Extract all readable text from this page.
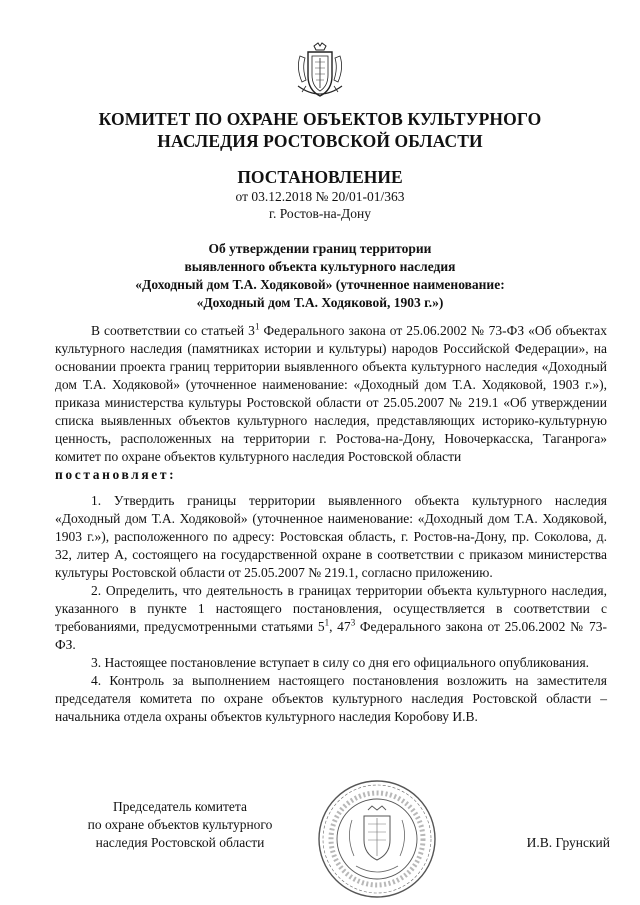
КОМИТЕТ ПО ОХРАНЕ ОБЪЕКТОВ КУЛЬТУРНОГО
НАСЛЕДИЯ РОСТОВСКОЙ ОБЛАСТИ
ПОСТАНОВЛЕНИЕ
от 03.12.2018 № 20/01-01/363
г. Ростов-на-Дону
Об утверждении границ территории
выявленного объекта культурного наследия
«Доходный дом Т.А. Ходяковой» (уточненное наименование:
«Доходный дом Т.А. Ходяковой, 1903 г.»)

В соответствии со статьей $3^1$ Федерального закона от 25.06.2002 № 73-ФЗ «Об объектах культурного наследия (памятниках истории и культуры) народов Российской Федерации», на основании проекта границ территории выявленного объекта культурного наследия «Доходный дом Т.А. Ходяковой» (уточненное наименование: «Доходный дом Т.А. Ходяковой, 1903 г.»), приказа министерства культуры Ростовской области от 25.05.2007 № 219.1 «Об утверждении списка выявленных объектов культурного наследия, представляющих историко-культурную ценность, расположенных на территории г. Ростова-на-Дону, Новочеркасска, Таганрога» комитет по охране объектов культурного наследия Ростовской области

постановляет:

1. Утвердить границы территории выявленного объекта культурного наследия «Доходный дом Т.А. Ходяковой» (уточненное наименование: «Доходный дом Т.А. Ходяковой, 1903 г.»), расположенного по адресу: Ростовская область, г. Ростов-на-Дону, пр. Соколова, д. 32, литер А, состоящего на государственной охране в соответствии с приказом министерства культуры Ростовской области от 25.05.2007 № 219.1, согласно приложению.

2. Определить, что деятельность в границах территории объекта культурного наследия, указанного в пункте 1 настоящего постановления, осуществляется в соответствии с требованиями, предусмотренными статьями $5^1$, $47^3$ Федерального закона от 25.06.2002 № 73-ФЗ.

3. Настоящее постановление вступает в силу со дня его официального опубликования.

4. Контроль за выполнением настоящего постановления возложить на заместителя председателя комитета по охране объектов культурного наследия Ростовской области – начальника отдела охраны объектов культурного наследия Коробову И.В.

Председатель комитета
по охране объектов культурного
наследия Ростовской области	И.В. Грунский
